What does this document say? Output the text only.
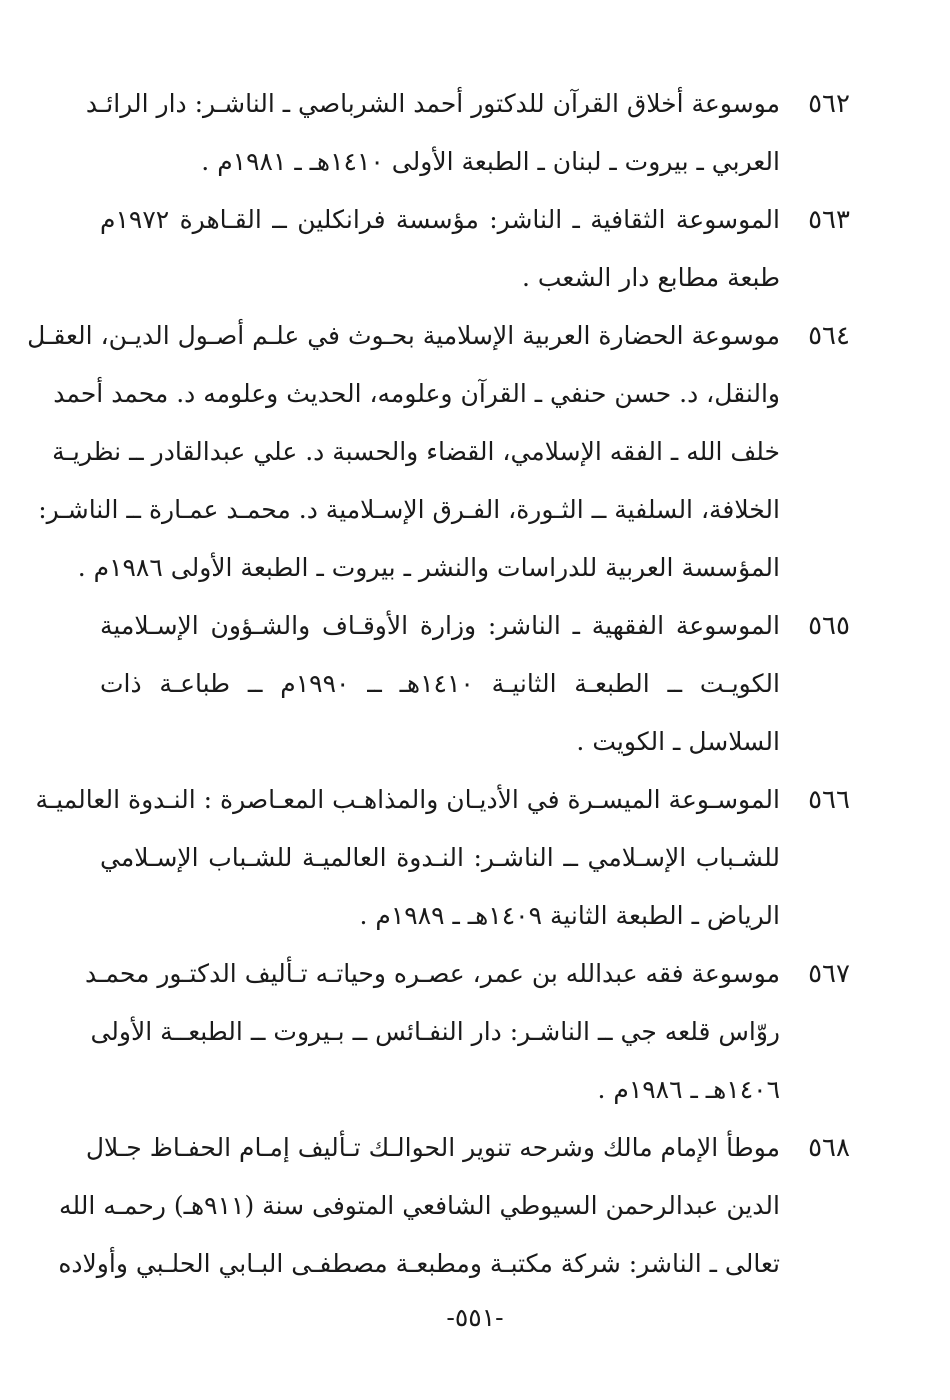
٥٦٢
موسوعة أخلاق القرآن للدكتور أحمد الشرباصي ـ الناشـر: دار الرائـد
العربي ـ بيروت ـ لبنان ـ الطبعة الأولى ١٤١٠هـ ـ ١٩٨١م .
٥٦٣
الموسوعة الثقافية ـ الناشر: مؤسسة فرانكلين ــ القـاهرة ١٩٧٢م
طبعة مطابع دار الشعب .
٥٦٤
موسوعة الحضارة العربية الإسلامية بحـوث في علـم أصـول الديـن، العقـل
والنقل، د. حسن حنفي ـ القرآن وعلومه، الحديث وعلومه د. محمد أحمد
خلف الله ـ الفقه الإسلامي، القضاء والحسبة د. علي عبدالقادر ــ نظريـة
الخلافة، السلفية ــ الثـورة، الفـرق الإسـلامية د. محمـد عمـارة ــ الناشـر:
المؤسسة العربية للدراسات والنشر ـ بيروت ـ الطبعة الأولى ١٩٨٦م .
٥٦٥
الموسوعة الفقهية ـ الناشر: وزارة الأوقـاف والشـؤون الإسـلامية
الكويـت ــ الطبعـة الثانيـة ١٤١٠هـ ــ ١٩٩٠م ــ طباعـة ذات
السلاسل ـ الكويت .
٥٦٦
الموسـوعة الميسـرة في الأديـان والمذاهـب المعـاصرة : النـدوة العالميـة
للشـباب الإسـلامي ــ الناشـر: النـدوة العالميـة للشـباب الإسـلامي
الرياض ـ الطبعة الثانية ١٤٠٩هـ ـ ١٩٨٩م .
٥٦٧
موسوعة فقه عبدالله بن عمر، عصـره وحياتـه تـأليف الدكتـور محمـد
روّاس قلعه جي ــ الناشـر: دار النفـائس ــ بـيروت ــ الطبعــة الأولى
١٤٠٦هـ ـ ١٩٨٦م .
٥٦٨
موطأ الإمام مالك وشرحه تنوير الحوالـك تـأليف إمـام الحفـاظ جـلال
الدين عبدالرحمن السيوطي الشافعي المتوفى سنة (٩١١هـ) رحمـه الله
تعالى ـ الناشر: شركة مكتبـة ومطبعـة مصطفـى البـابي الحلـبي وأولاده
-٥٥١-
